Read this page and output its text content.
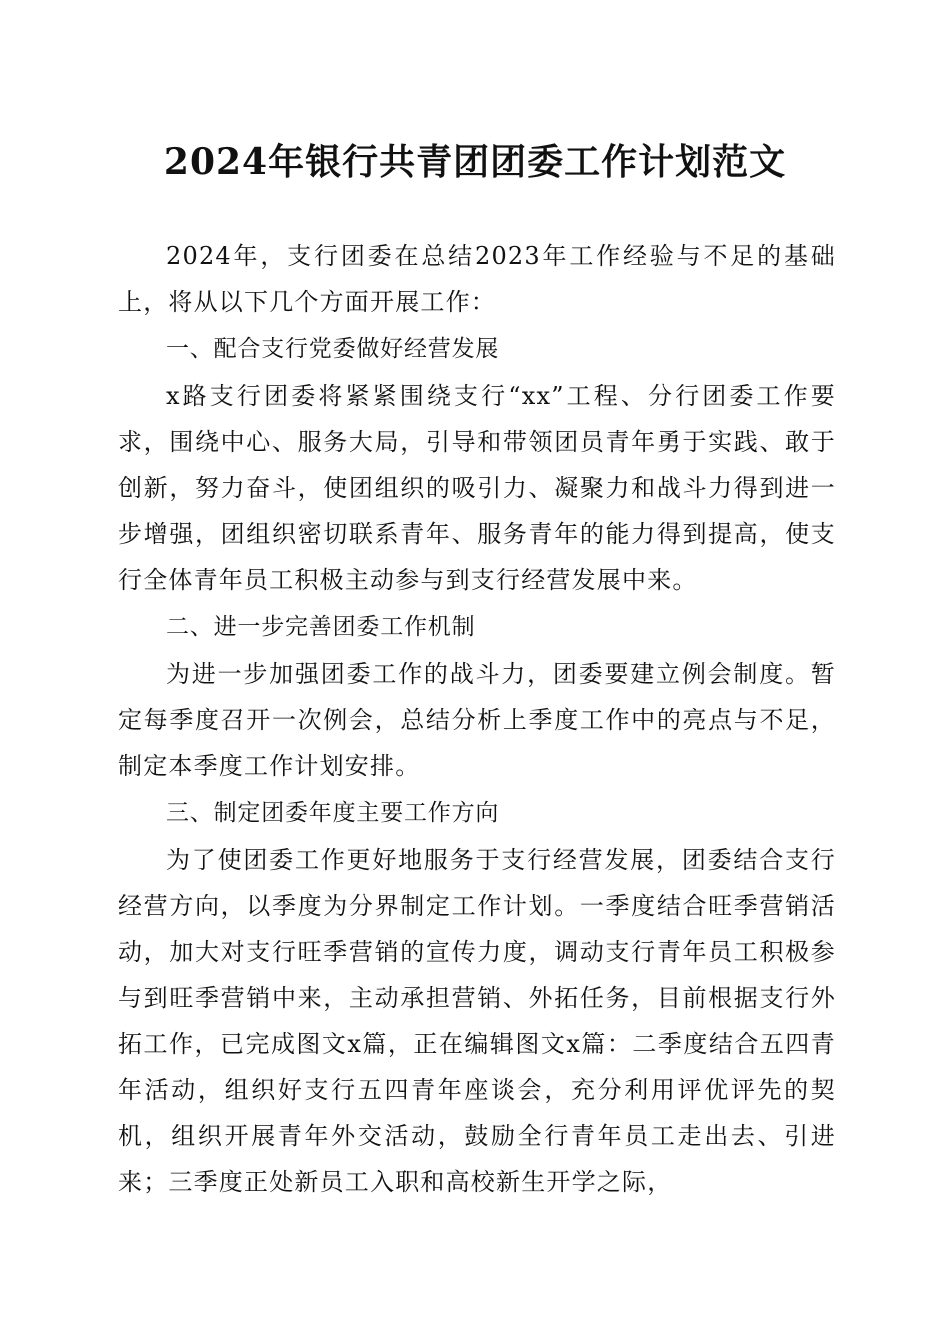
2024年银行共青团团委工作计划范文

2024年，支行团委在总结2023年工作经验与不足的基础上，将从以下几个方面开展工作：

一、配合支行党委做好经营发展

x路支行团委将紧紧围绕支行“xx”工程、分行团委工作要求，围绕中心、服务大局，引导和带领团员青年勇于实践、敢于创新，努力奋斗，使团组织的吸引力、凝聚力和战斗力得到进一步增强，团组织密切联系青年、服务青年的能力得到提高，使支行全体青年员工积极主动参与到支行经营发展中来。

二、进一步完善团委工作机制

为进一步加强团委工作的战斗力，团委要建立例会制度。暂定每季度召开一次例会，总结分析上季度工作中的亮点与不足，制定本季度工作计划安排。

三、制定团委年度主要工作方向

为了使团委工作更好地服务于支行经营发展，团委结合支行经营方向，以季度为分界制定工作计划。一季度结合旺季营销活动，加大对支行旺季营销的宣传力度，调动支行青年员工积极参与到旺季营销中来，主动承担营销、外拓任务，目前根据支行外拓工作，已完成图文x篇，正在编辑图文x篇：二季度结合五四青年活动，组织好支行五四青年座谈会，充分利用评优评先的契机，组织开展青年外交活动，鼓励全行青年员工走出去、引进来；三季度正处新员工入职和高校新生开学之际，
